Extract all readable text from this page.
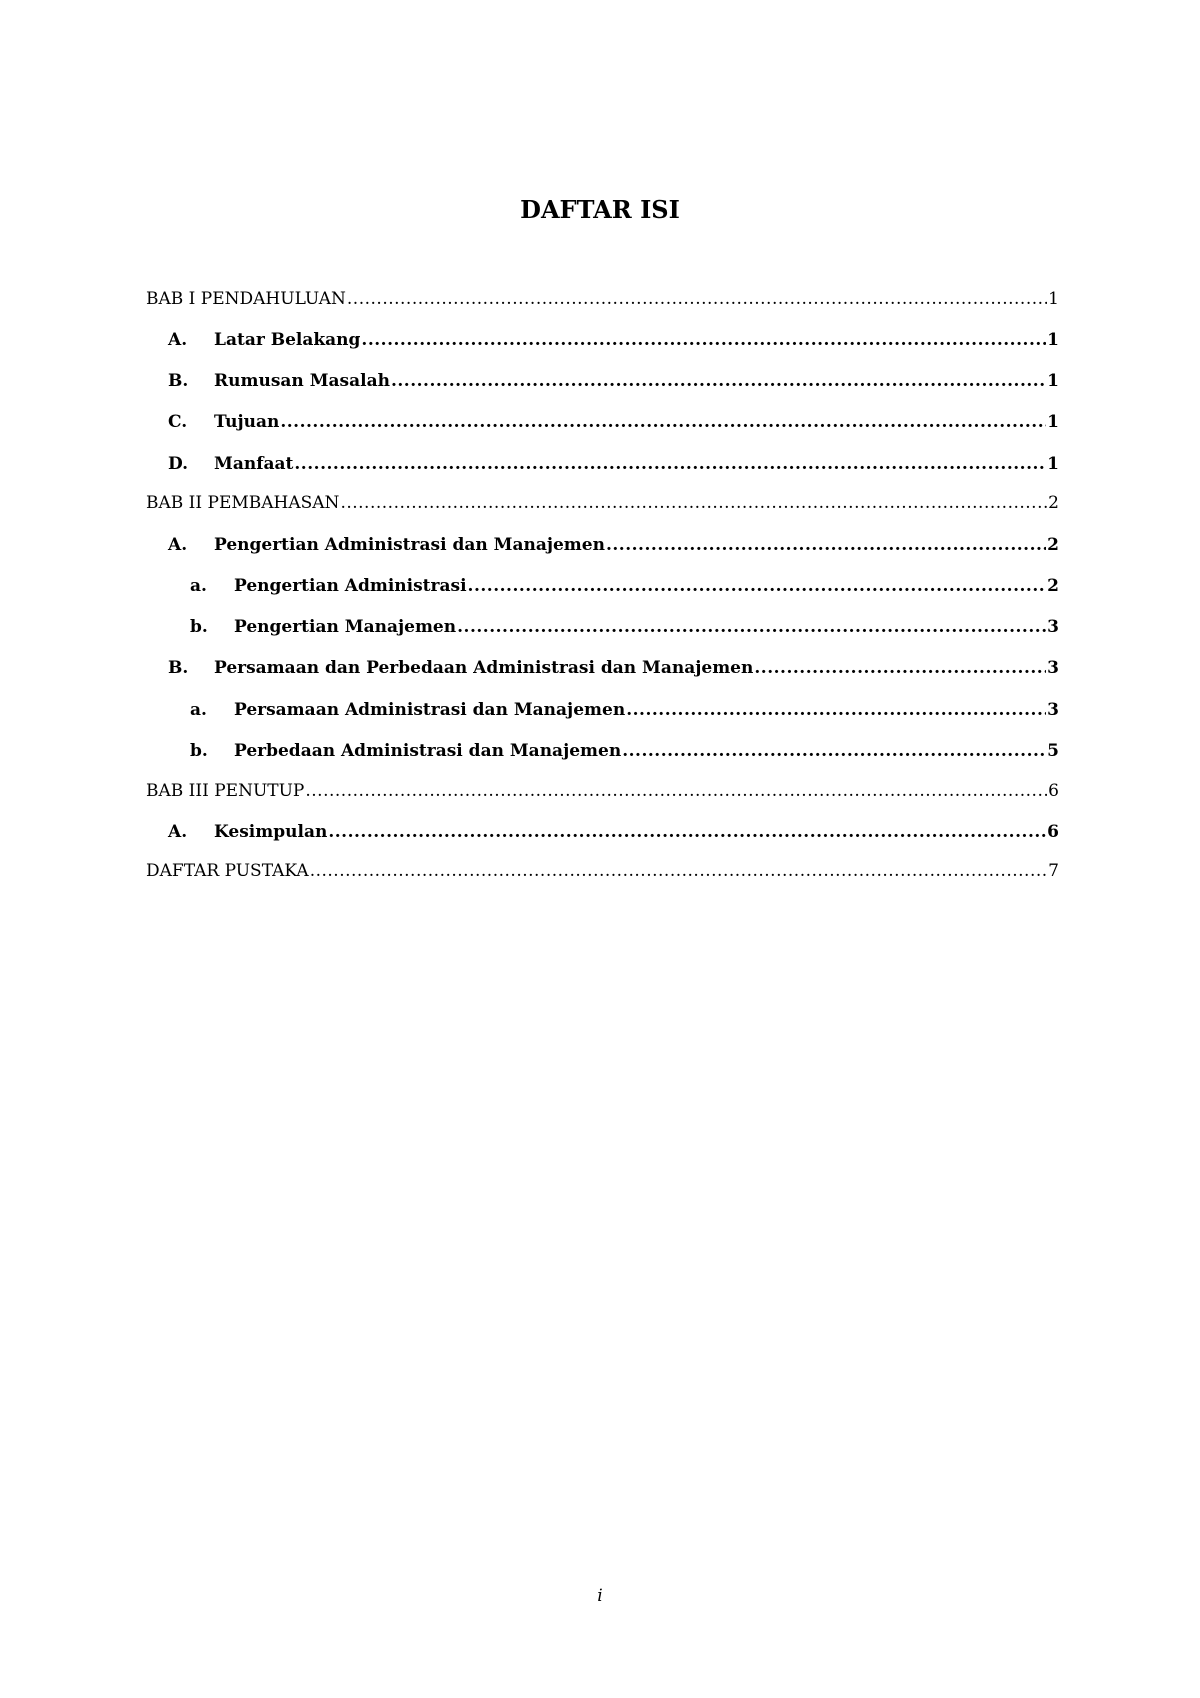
DAFTAR ISI
BAB I PENDAHULUAN .....	1
A.	Latar Belakang .....	1
B.	Rumusan Masalah .....	1
C.	Tujuan .....	1
D.	Manfaat .....	1
BAB II PEMBAHASAN .....	2
A.	Pengertian Administrasi dan Manajemen .....	2
a.	Pengertian Administrasi .....	2
b.	Pengertian Manajemen .....	3
B.	Persamaan dan Perbedaan Administrasi dan Manajemen .....	3
a.	Persamaan Administrasi dan Manajemen .....	3
b.	Perbedaan Administrasi dan Manajemen .....	5
BAB III PENUTUP .....	6
A.	Kesimpulan .....	6
DAFTAR PUSTAKA .....	7
i
